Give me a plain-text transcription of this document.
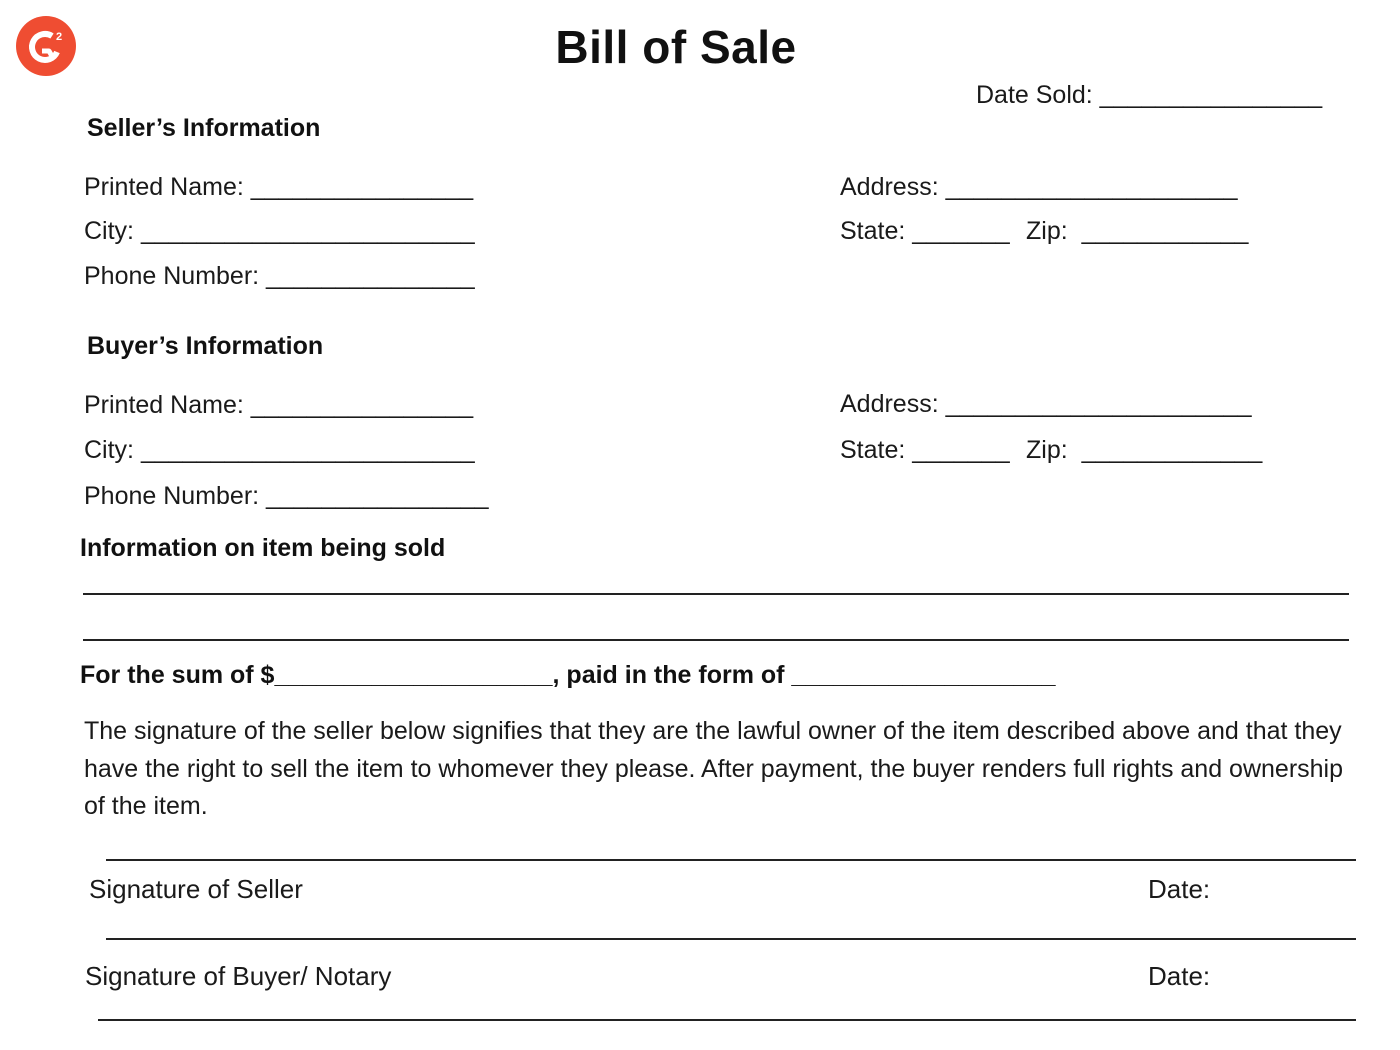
2	Bill of Sale
Date Sold: ________________
Seller’s Information
Printed Name: ________________
City: ________________________
Phone Number: _______________
Address: _____________________
State: _______ Zip:  ____________
Buyer’s Information
Printed Name: ________________
City: ________________________
Phone Number: ________________
Address: ______________________
State: _______ Zip:  _____________
Information on item being sold
For the sum of $____________________, paid in the form of ___________________
The signature of the seller below signifies that they are the lawful owner of the item described above and that they have the right to sell the item to whomever they please. After payment, the buyer renders full rights and ownership of the item.
Signature of Seller	Date:
Signature of Buyer/ Notary	Date:
